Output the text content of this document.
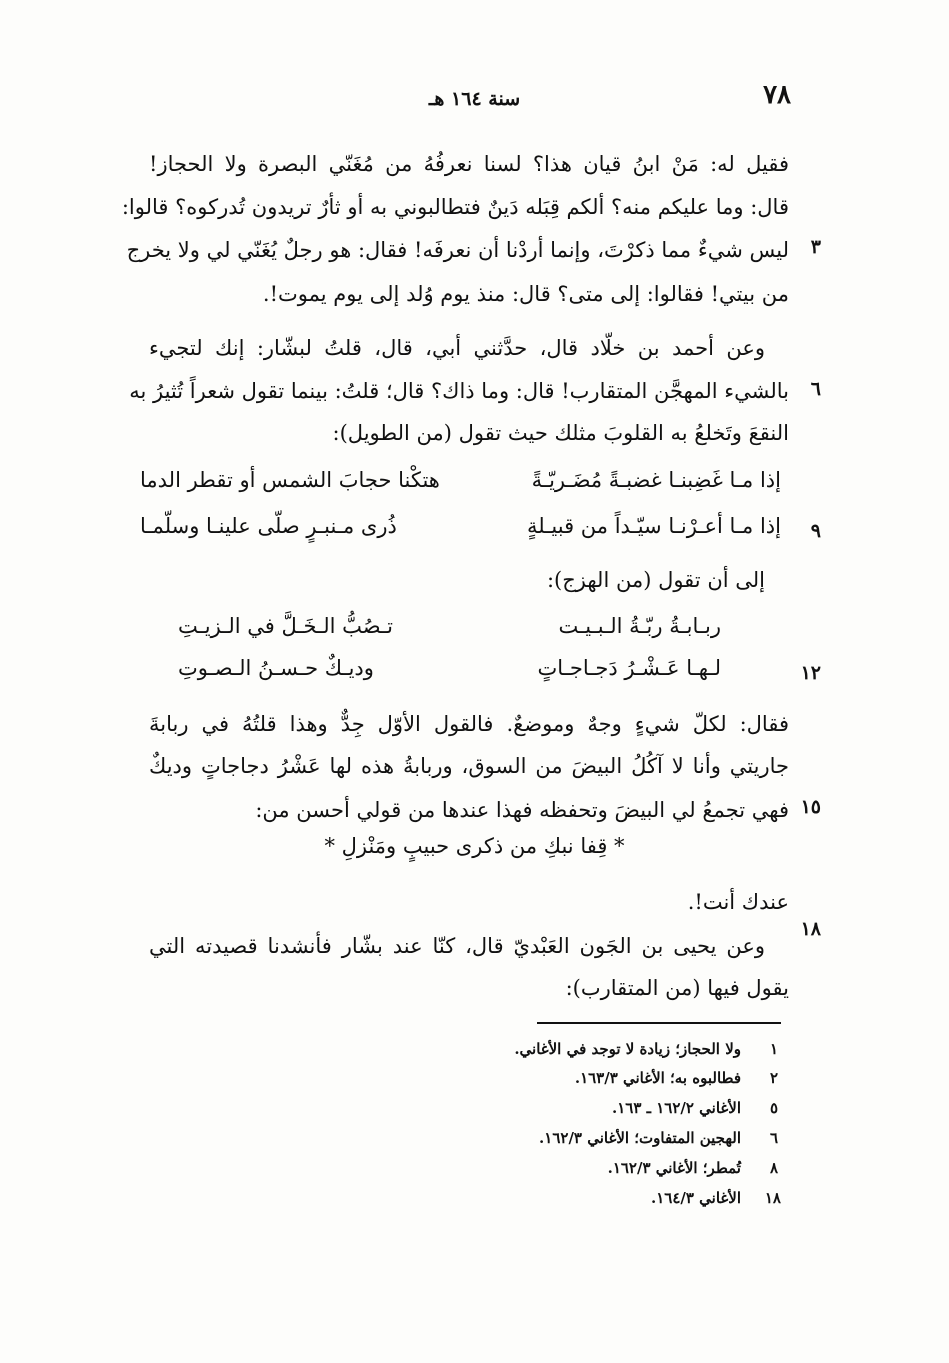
٧٨
سنة ١٦٤ هـ
فقيل له: مَنْ ابنُ قيان هذا؟ لسنا نعرفُهُ من مُغَنّي البصرة ولا الحجاز!
قال: وما عليكم منه؟ ألكم قِبَله دَينٌ فتطالبوني به أو ثأرٌ تريدون تُدركوه؟ قالوا:
٣
ليس شيءٌ مما ذكرْتَ، وإنما أردْنا أن نعرفَه! فقال: هو رجلٌ يُغَنّي لي ولا يخرج
من بيتي! فقالوا: إلى متى؟ قال: منذ يوم وُلد إلى يوم يموت!.
وعن أحمد بن خلّاد قال، حدَّثني أبي، قال، قلتُ لبشّار: إنك لتجيء
٦
بالشيء المهجَّن المتقارب! قال: وما ذاك؟ قال؛ قلتُ: بينما تقول شعراً تُثيرُ به
النقعَ وتَخلعُ به القلوبَ مثلك حيث تقول (من الطويل):
إذا مـا غَضِبنـا غضبـةً مُضَـريّـةً
هتكْنا حجابَ الشمس أو تقطر الدما
٩
إذا مـا أعـرْنـا سيّـداً من قبيـلةٍ
ذُرى مـنبـرٍ صلّى علينـا وسلّمـا
إلى أن تقول (من الهزج):
ربـابـةُ ربّـةُ الـبـيـت
تـصُبُّ الـخَـلَّ في الـزيـتِ
١٢
لـهـا عَـشْـرُ دَجـاجـاتٍ
وديـكٌ حـسـنُ الـصـوتِ
فقال: لكلّ شيءٍ وجهٌ وموضعٌ. فالقول الأوّل جِدٌّ وهذا قلتُهُ في ربابةَ
جاريتي وأنا لا آكُلُ البيضَ من السوق، وربابةُ هذه لها عَشْرُ دجاجاتٍ وديكٌ
١٥
فهي تجمعُ لي البيضَ وتحفظه فهذا عندها من قولي أحسن من:
* قِفا نبكِ من ذكرى حبيبٍ ومَنْزلِ *
عندك أنت!.
١٨
وعن يحيى بن الجَون العَبْديّ قال، كنّا عند بشّار فأنشدنا قصيدته التي
يقول فيها (من المتقارب):
١
ولا الحجاز؛ زيادة لا توجد في الأغاني.
٢
فطالبوه به؛ الأغاني ١٦٣/٣.
٥
الأغاني ١٦٢/٢ ـ ١٦٣.
٦
الهجين المتفاوت؛ الأغاني ١٦٢/٣.
٨
تُمطر؛ الأغاني ١٦٢/٣.
١٨
الأغاني ١٦٤/٣.
